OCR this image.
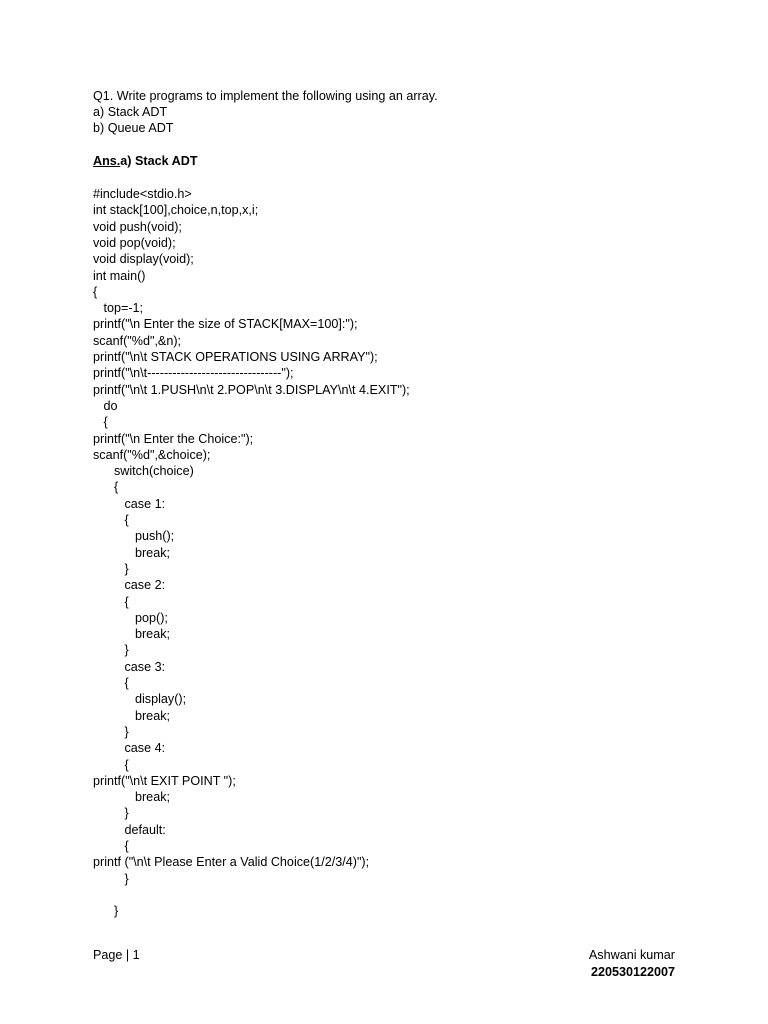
Q1. Write programs to implement the following using an array.
a) Stack ADT
b) Queue ADT
Ans.a) Stack ADT
#include<stdio.h>
int stack[100],choice,n,top,x,i;
void push(void);
void pop(void);
void display(void);
int main()
{
top=-1;
printf("\n Enter the size of STACK[MAX=100]:");
scanf("%d",&n);
printf("\n\t STACK OPERATIONS USING ARRAY");
printf("\n\t--------------------------------");
printf("\n\t 1.PUSH\n\t 2.POP\n\t 3.DISPLAY\n\t 4.EXIT");
do
{
printf("\n Enter the Choice:");
scanf("%d",&choice);
switch(choice)
{
case 1:
{
push();
break;
}
case 2:
{
pop();
break;
}
case 3:
{
display();
break;
}
case 4:
{
printf("\n\t EXIT POINT ");
break;
}
default:
{
printf ("\n\t Please Enter a Valid Choice(1/2/3/4)");
}
}
Page | 1	Ashwani kumar
220530122007
